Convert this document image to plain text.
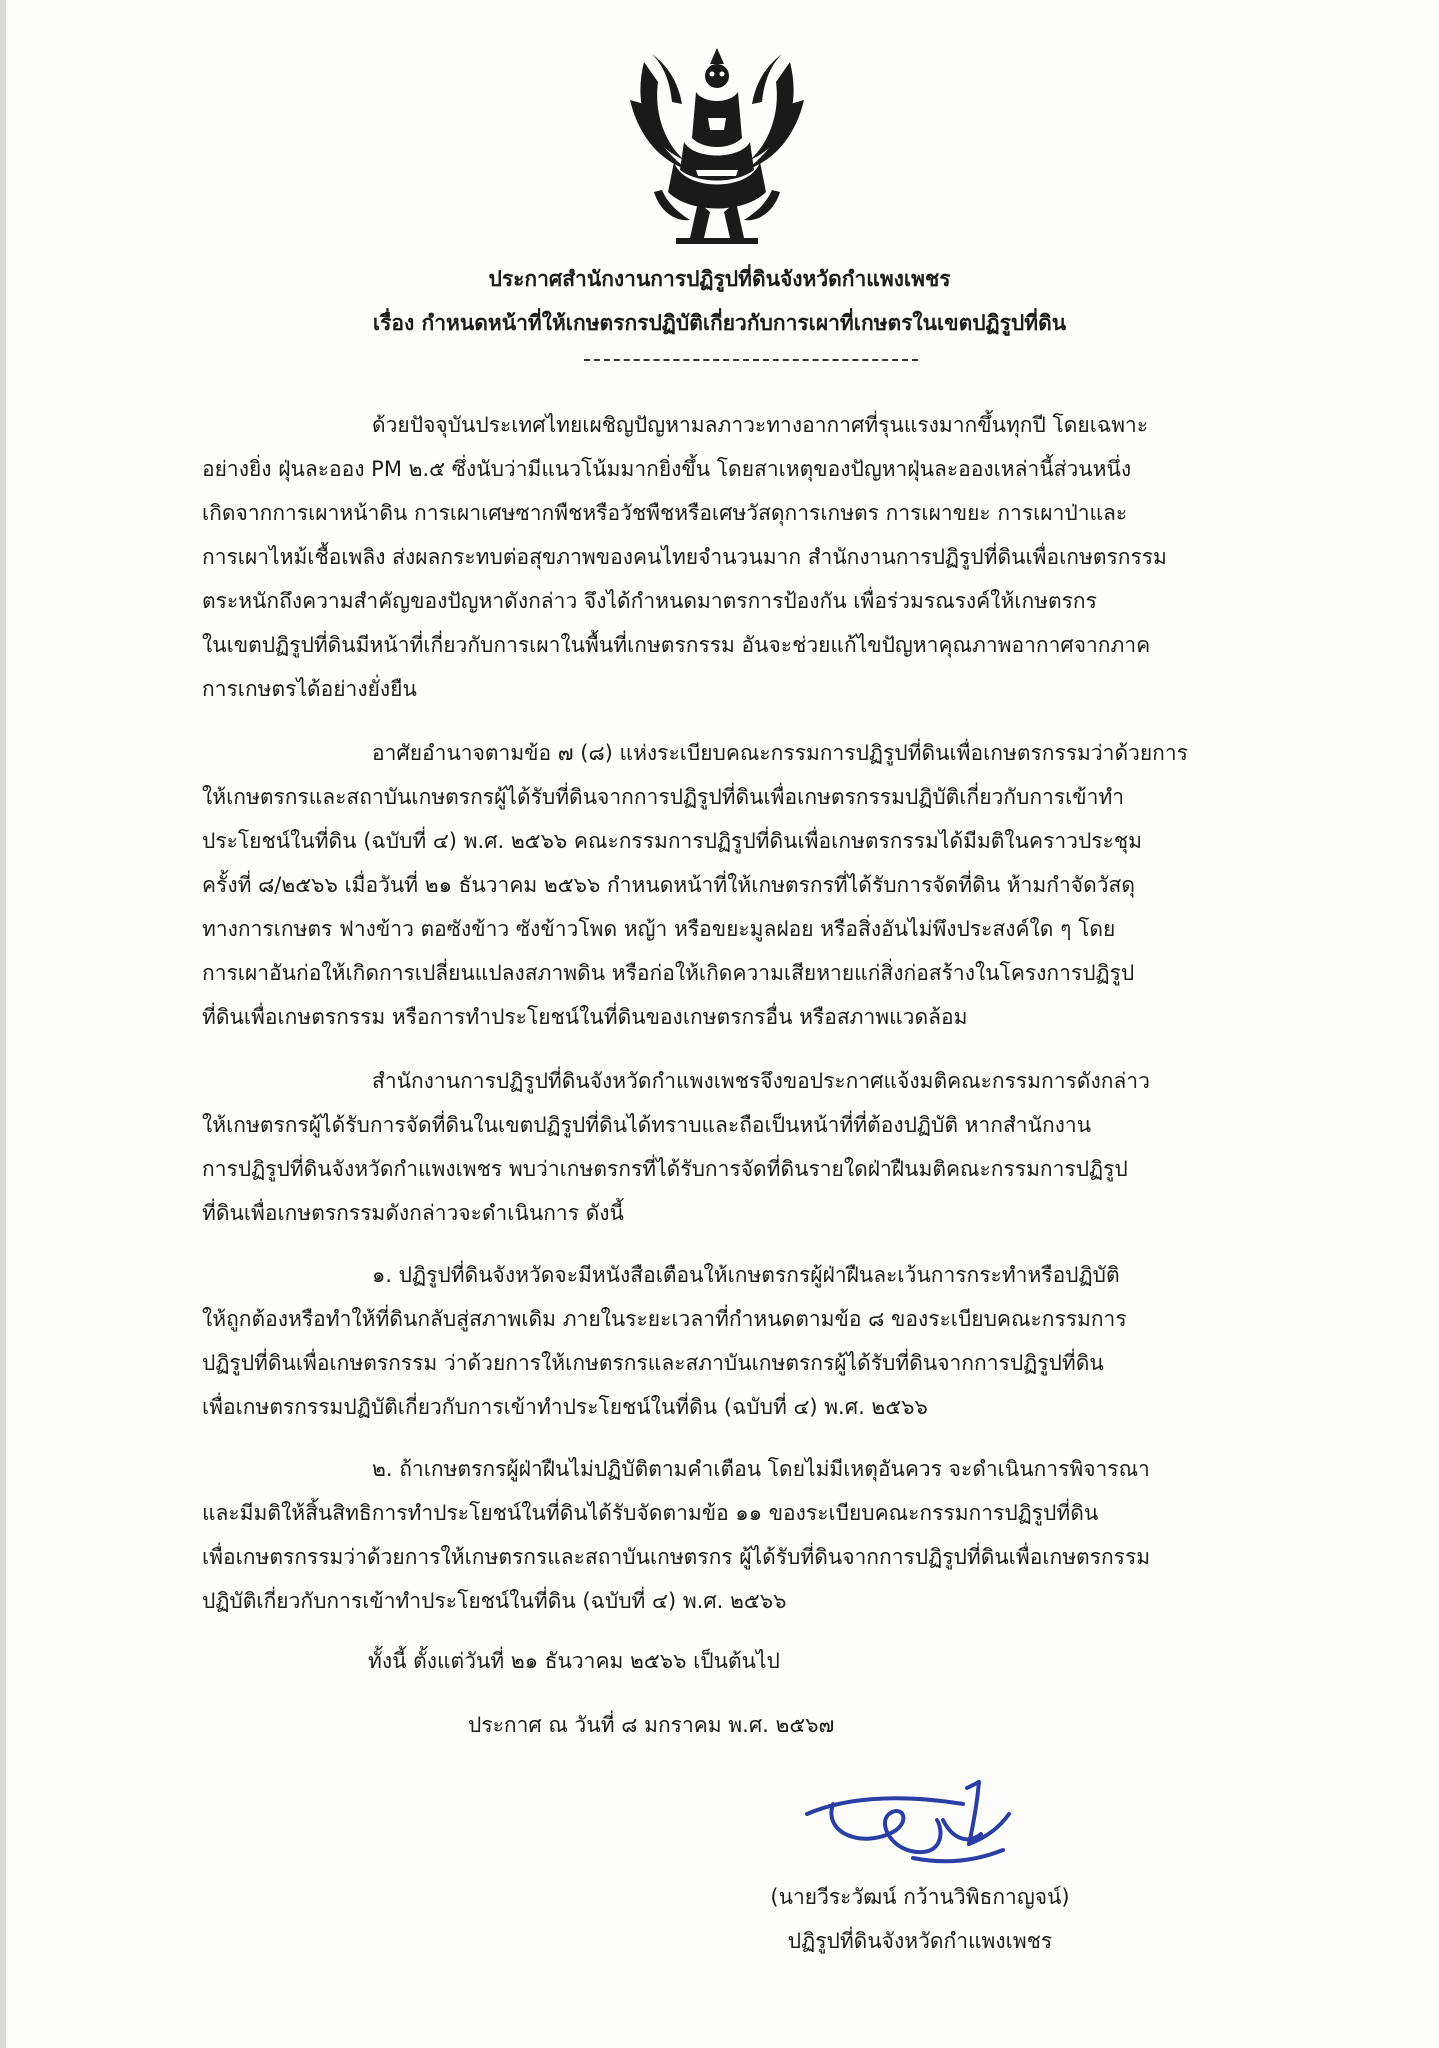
ประกาศสำนักงานการปฏิรูปที่ดินจังหวัดกำแพงเพชร
เรื่อง กำหนดหน้าที่ให้เกษตรกรปฏิบัติเกี่ยวกับการเผาที่เกษตรในเขตปฏิรูปที่ดิน
ด้วยปัจจุบันประเทศไทยเผชิญปัญหามลภาวะทางอากาศที่รุนแรงมากขึ้นทุกปี โดยเฉพาะ
อย่างยิ่ง ฝุ่นละออง PM ๒.๕ ซึ่งนับว่ามีแนวโน้มมากยิ่งขึ้น โดยสาเหตุของปัญหาฝุ่นละอองเหล่านี้ส่วนหนึ่ง
เกิดจากการเผาหน้าดิน การเผาเศษซากพืชหรือวัชพืชหรือเศษวัสดุการเกษตร การเผาขยะ การเผาป่าและ
การเผาไหม้เชื้อเพลิง ส่งผลกระทบต่อสุขภาพของคนไทยจำนวนมาก สำนักงานการปฏิรูปที่ดินเพื่อเกษตรกรรม
ตระหนักถึงความสำคัญของปัญหาดังกล่าว จึงได้กำหนดมาตรการป้องกัน เพื่อร่วมรณรงค์ให้เกษตรกร
ในเขตปฏิรูปที่ดินมีหน้าที่เกี่ยวกับการเผาในพื้นที่เกษตรกรรม อันจะช่วยแก้ไขปัญหาคุณภาพอากาศจากภาค
การเกษตรได้อย่างยั่งยืน
อาศัยอำนาจตามข้อ ๗ (๘) แห่งระเบียบคณะกรรมการปฏิรูปที่ดินเพื่อเกษตรกรรมว่าด้วยการ
ให้เกษตรกรและสถาบันเกษตรกรผู้ได้รับที่ดินจากการปฏิรูปที่ดินเพื่อเกษตรกรรมปฏิบัติเกี่ยวกับการเข้าทำ
ประโยชน์ในที่ดิน (ฉบับที่ ๔) พ.ศ. ๒๕๖๖ คณะกรรมการปฏิรูปที่ดินเพื่อเกษตรกรรมได้มีมติในคราวประชุม
ครั้งที่ ๘/๒๕๖๖ เมื่อวันที่ ๒๑ ธันวาคม ๒๕๖๖ กำหนดหน้าที่ให้เกษตรกรที่ได้รับการจัดที่ดิน ห้ามกำจัดวัสดุ
ทางการเกษตร ฟางข้าว ตอซังข้าว ซังข้าวโพด หญ้า หรือขยะมูลฝอย หรือสิ่งอันไม่พึงประสงค์ใด ๆ โดย
การเผาอันก่อให้เกิดการเปลี่ยนแปลงสภาพดิน หรือก่อให้เกิดความเสียหายแก่สิ่งก่อสร้างในโครงการปฏิรูป
ที่ดินเพื่อเกษตรกรรม หรือการทำประโยชน์ในที่ดินของเกษตรกรอื่น หรือสภาพแวดล้อม
สำนักงานการปฏิรูปที่ดินจังหวัดกำแพงเพชรจึงขอประกาศแจ้งมติคณะกรรมการดังกล่าว
ให้เกษตรกรผู้ได้รับการจัดที่ดินในเขตปฏิรูปที่ดินได้ทราบและถือเป็นหน้าที่ที่ต้องปฏิบัติ หากสำนักงาน
การปฏิรูปที่ดินจังหวัดกำแพงเพชร พบว่าเกษตรกรที่ได้รับการจัดที่ดินรายใดฝ่าฝืนมติคณะกรรมการปฏิรูป
ที่ดินเพื่อเกษตรกรรมดังกล่าวจะดำเนินการ ดังนี้
๑. ปฏิรูปที่ดินจังหวัดจะมีหนังสือเตือนให้เกษตรกรผู้ฝ่าฝืนละเว้นการกระทำหรือปฏิบัติ
ให้ถูกต้องหรือทำให้ที่ดินกลับสู่สภาพเดิม ภายในระยะเวลาที่กำหนดตามข้อ ๘ ของระเบียบคณะกรรมการ
ปฏิรูปที่ดินเพื่อเกษตรกรรม ว่าด้วยการให้เกษตรกรและสภาบันเกษตรกรผู้ได้รับที่ดินจากการปฏิรูปที่ดิน
เพื่อเกษตรกรรมปฏิบัติเกี่ยวกับการเข้าทำประโยชน์ในที่ดิน (ฉบับที่ ๔) พ.ศ. ๒๕๖๖
๒. ถ้าเกษตรกรผู้ฝ่าฝืนไม่ปฏิบัติตามคำเตือน โดยไม่มีเหตุอันควร จะดำเนินการพิจารณา
และมีมติให้สิ้นสิทธิการทำประโยชน์ในที่ดินได้รับจัดตามข้อ ๑๑ ของระเบียบคณะกรรมการปฏิรูปที่ดิน
เพื่อเกษตรกรรมว่าด้วยการให้เกษตรกรและสถาบันเกษตรกร ผู้ได้รับที่ดินจากการปฏิรูปที่ดินเพื่อเกษตรกรรม
ปฏิบัติเกี่ยวกับการเข้าทำประโยชน์ในที่ดิน (ฉบับที่ ๔) พ.ศ. ๒๕๖๖
ทั้งนี้ ตั้งแต่วันที่ ๒๑ ธันวาคม ๒๕๖๖ เป็นต้นไป
ประกาศ ณ วันที่ ๘ มกราคม พ.ศ. ๒๕๖๗
(นายวีระวัฒน์ กว้านวิพิธกาญจน์)
ปฏิรูปที่ดินจังหวัดกำแพงเพชร
